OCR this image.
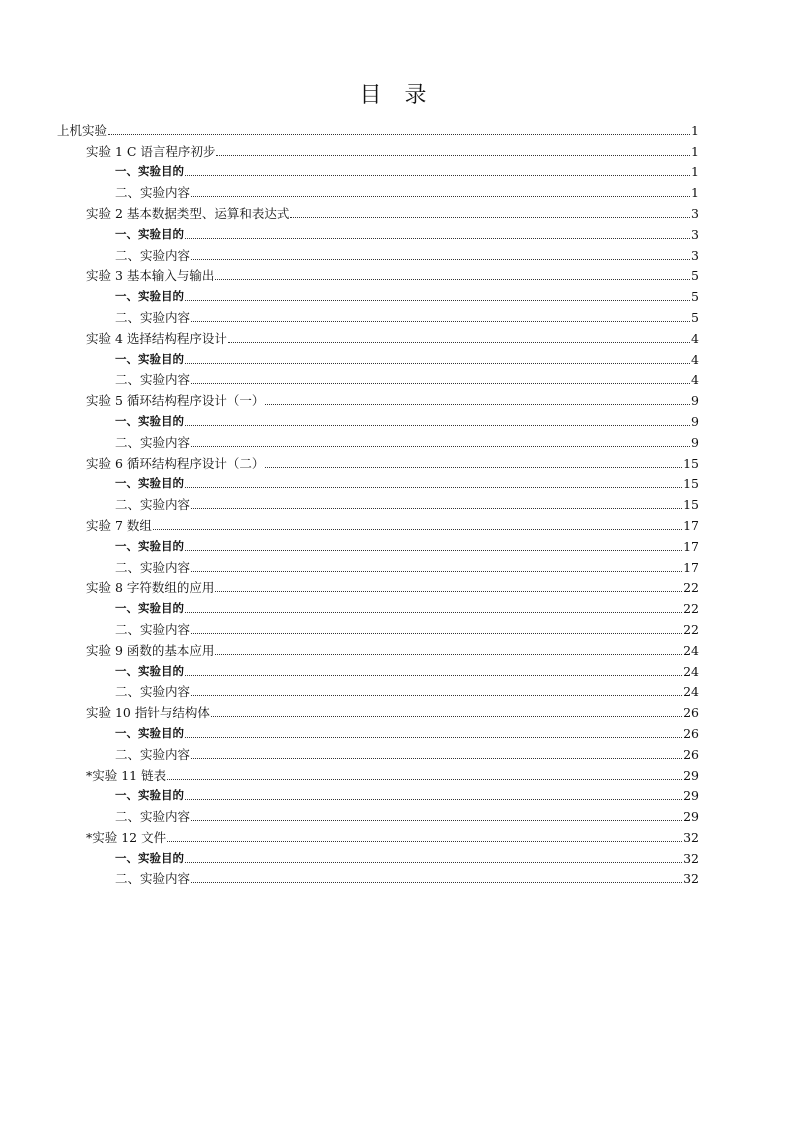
目 录
上机实验	1
实验 1 C 语言程序初步	1
一、实验目的	1
二、实验内容	1
实验 2 基本数据类型、运算和表达式	3
一、实验目的	3
二、实验内容	3
实验 3 基本输入与输出	5
一、实验目的	5
二、实验内容	5
实验 4 选择结构程序设计	4
一、实验目的	4
二、实验内容	4
实验 5 循环结构程序设计（一）	9
一、实验目的	9
二、实验内容	9
实验 6 循环结构程序设计（二）	15
一、实验目的	15
二、实验内容	15
实验 7 数组	17
一、实验目的	17
二、实验内容	17
实验 8 字符数组的应用	22
一、实验目的	22
二、实验内容	22
实验 9 函数的基本应用	24
一、实验目的	24
二、实验内容	24
实验 10 指针与结构体	26
一、实验目的	26
二、实验内容	26
*实验 11 链表	29
一、实验目的	29
二、实验内容	29
*实验 12 文件	32
一、实验目的	32
二、实验内容	32
